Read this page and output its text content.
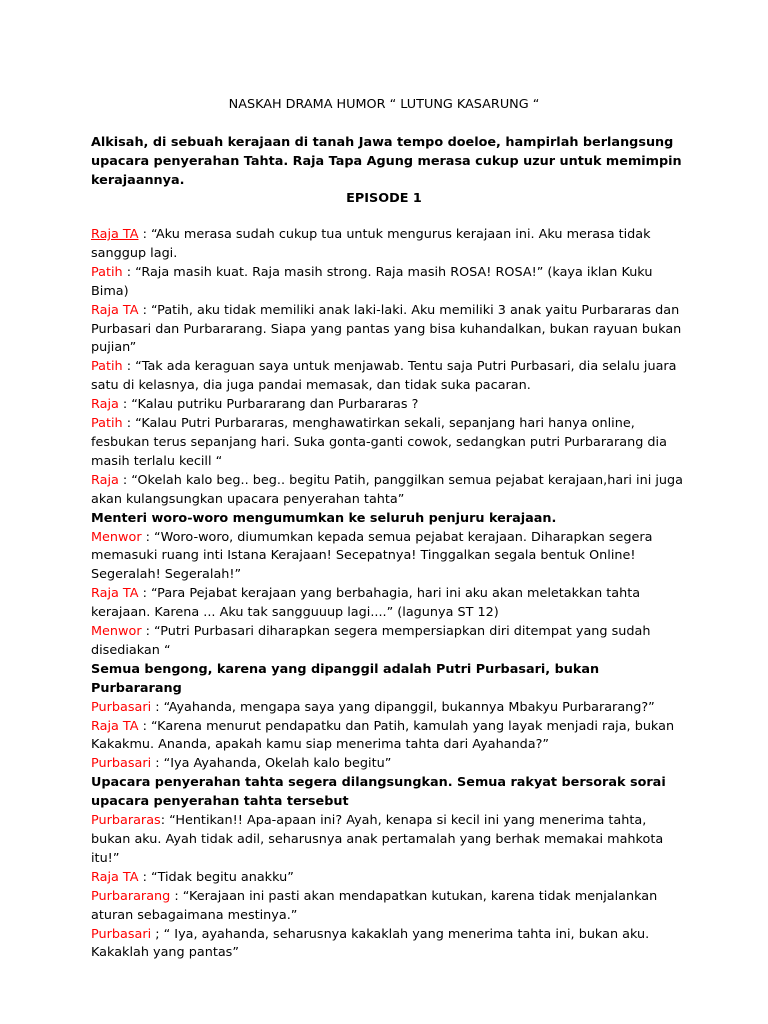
NASKAH DRAMA HUMOR “ LUTUNG KASARUNG “
Alkisah, di sebuah kerajaan di tanah Jawa tempo doeloe, hampirlah berlangsung upacara penyerahan Tahta. Raja Tapa Agung merasa cukup uzur untuk memimpin kerajaannya.
EPISODE 1

Raja TA : “Aku merasa sudah cukup tua untuk mengurus kerajaan ini. Aku merasa tidak sanggup lagi.

Patih : “Raja masih kuat. Raja masih strong. Raja masih ROSA! ROSA!” (kaya iklan Kuku Bima)

Raja TA : “Patih, aku tidak memiliki anak laki-laki. Aku memiliki 3 anak yaitu Purbararas dan Purbasari dan Purbararang. Siapa yang pantas yang bisa kuhandalkan, bukan rayuan bukan pujian”

Patih : “Tak ada keraguan saya untuk menjawab. Tentu saja Putri Purbasari, dia selalu juara satu di kelasnya, dia juga pandai memasak, dan tidak suka pacaran.

Raja : “Kalau putriku Purbararang dan Purbararas ?

Patih : “Kalau Putri Purbararas, menghawatirkan sekali, sepanjang hari hanya online, fesbukan terus sepanjang hari. Suka gonta-ganti cowok, sedangkan putri Purbararang dia masih terlalu kecill “

Raja : “Okelah kalo beg.. beg.. begitu Patih, panggilkan semua pejabat kerajaan,hari ini juga akan kulangsungkan upacara penyerahan tahta”

Menteri woro-woro mengumumkan ke seluruh penjuru kerajaan.

Menwor : “Woro-woro, diumumkan kepada semua pejabat kerajaan. Diharapkan segera memasuki ruang inti Istana Kerajaan! Secepatnya! Tinggalkan segala bentuk Online! Segeralah! Segeralah!”

Raja TA : “Para Pejabat kerajaan yang berbahagia, hari ini aku akan meletakkan tahta kerajaan. Karena ... Aku tak sangguuup lagi....” (lagunya ST 12)

Menwor : “Putri Purbasari diharapkan segera mempersiapkan diri ditempat yang sudah disediakan “

Semua bengong, karena yang dipanggil adalah Putri Purbasari, bukan Purbararang

Purbasari : “Ayahanda, mengapa saya yang dipanggil, bukannya Mbakyu Purbararang?”

Raja TA : “Karena menurut pendapatku dan Patih, kamulah yang layak menjadi raja, bukan Kakakmu. Ananda, apakah kamu siap menerima tahta dari Ayahanda?”

Purbasari : “Iya Ayahanda, Okelah kalo begitu”

Upacara penyerahan tahta segera dilangsungkan. Semua rakyat bersorak sorai upacara penyerahan tahta tersebut

Purbararas: “Hentikan!! Apa-apaan ini? Ayah, kenapa si kecil ini yang menerima tahta, bukan aku. Ayah tidak adil, seharusnya anak pertamalah yang berhak memakai mahkota itu!”

Raja TA : “Tidak begitu anakku”

Purbararang : “Kerajaan ini pasti akan mendapatkan kutukan, karena tidak menjalankan aturan sebagaimana mestinya.”

Purbasari ; “ Iya, ayahanda, seharusnya kakaklah yang menerima tahta ini, bukan aku. Kakaklah yang pantas”
